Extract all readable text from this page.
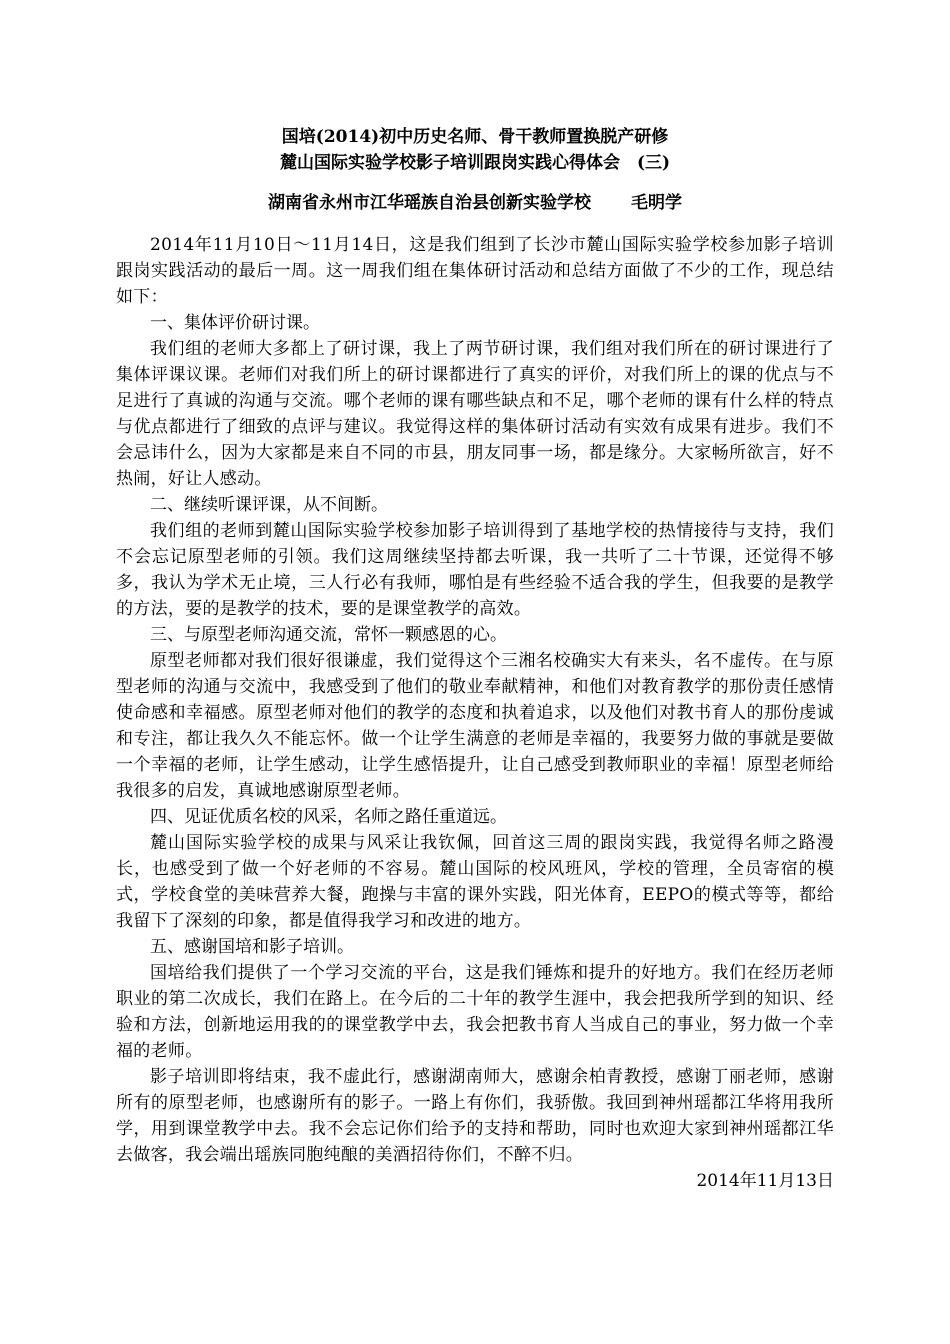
国培(2014)初中历史名师、骨干教师置换脱产研修

麓山国际实验学校影子培训跟岗实践心得体会　(三)

湖南省永州市江华瑶族自治县创新实验学校 毛明学

2014年11月10日～11月14日，这是我们组到了长沙市麓山国际实验学校参加影子培训跟岗实践活动的最后一周。这一周我们组在集体研讨活动和总结方面做了不少的工作，现总结如下：

一、集体评价研讨课。

我们组的老师大多都上了研讨课，我上了两节研讨课，我们组对我们所在的研讨课进行了集体评课议课。老师们对我们所上的研讨课都进行了真实的评价，对我们所上的课的优点与不足进行了真诚的沟通与交流。哪个老师的课有哪些缺点和不足，哪个老师的课有什么样的特点与优点都进行了细致的点评与建议。我觉得这样的集体研讨活动有实效有成果有进步。我们不会忌讳什么，因为大家都是来自不同的市县，朋友同事一场，都是缘分。大家畅所欲言，好不热闹，好让人感动。

二、继续听课评课，从不间断。

我们组的老师到麓山国际实验学校参加影子培训得到了基地学校的热情接待与支持，我们不会忘记原型老师的引领。我们这周继续坚持都去听课，我一共听了二十节课，还觉得不够多，我认为学术无止境，三人行必有我师，哪怕是有些经验不适合我的学生，但我要的是教学的方法，要的是教学的技术，要的是课堂教学的高效。

三、与原型老师沟通交流，常怀一颗感恩的心。

原型老师都对我们很好很谦虚，我们觉得这个三湘名校确实大有来头，名不虚传。在与原型老师的沟通与交流中，我感受到了他们的敬业奉献精神，和他们对教育教学的那份责任感情使命感和幸福感。原型老师对他们的教学的态度和执着追求，以及他们对教书育人的那份虔诚和专注，都让我久久不能忘怀。做一个让学生满意的老师是幸福的，我要努力做的事就是要做一个幸福的老师，让学生感动，让学生感悟提升，让自己感受到教师职业的幸福！原型老师给我很多的启发，真诚地感谢原型老师。

四、见证优质名校的风采，名师之路任重道远。

麓山国际实验学校的成果与风采让我钦佩，回首这三周的跟岗实践，我觉得名师之路漫长，也感受到了做一个好老师的不容易。麓山国际的校风班风，学校的管理，全员寄宿的模式，学校食堂的美味营养大餐，跑操与丰富的课外实践，阳光体育，EEPO的模式等等，都给我留下了深刻的印象，都是值得我学习和改进的地方。

五、感谢国培和影子培训。

国培给我们提供了一个学习交流的平台，这是我们锤炼和提升的好地方。我们在经历老师职业的第二次成长，我们在路上。在今后的二十年的教学生涯中，我会把我所学到的知识、经验和方法，创新地运用我的的课堂教学中去，我会把教书育人当成自己的事业，努力做一个幸福的老师。

影子培训即将结束，我不虚此行，感谢湖南师大，感谢余柏青教授，感谢丁丽老师，感谢所有的原型老师，也感谢所有的影子。一路上有你们，我骄傲。我回到神州瑶都江华将用我所学，用到课堂教学中去。我不会忘记你们给予的支持和帮助，同时也欢迎大家到神州瑶都江华去做客，我会端出瑶族同胞纯酿的美酒招待你们，不醉不归。

2014年11月13日
